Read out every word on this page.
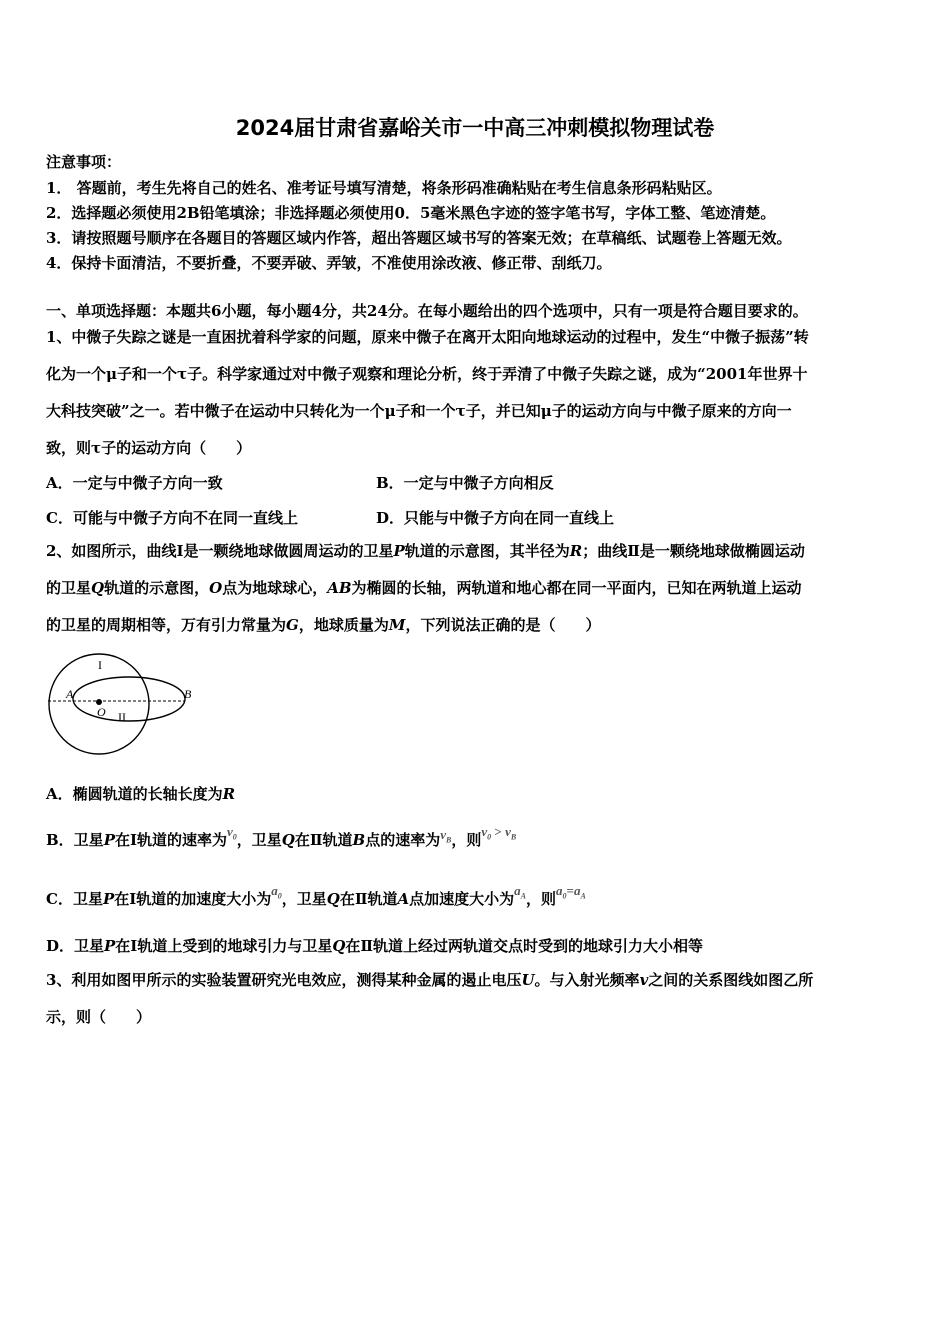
2024届甘肃省嘉峪关市一中高三冲刺模拟物理试卷
注意事项：
1． 答题前，考生先将自己的姓名、准考证号填写清楚，将条形码准确粘贴在考生信息条形码粘贴区。
2．选择题必须使用2B铅笔填涂；非选择题必须使用0．5毫米黑色字迹的签字笔书写，字体工整、笔迹清楚。
3．请按照题号顺序在各题目的答题区域内作答，超出答题区域书写的答案无效；在草稿纸、试题卷上答题无效。
4．保持卡面清洁，不要折叠，不要弄破、弄皱，不准使用涂改液、修正带、刮纸刀。
一、单项选择题：本题共6小题，每小题4分，共24分。在每小题给出的四个选项中，只有一项是符合题目要求的。
1、中微子失踪之谜是一直困扰着科学家的问题，原来中微子在离开太阳向地球运动的过程中，发生“中微子振荡”转
化为一个μ子和一个τ子。科学家通过对中微子观察和理论分析，终于弄清了中微子失踪之谜，成为“2001年世界十
大科技突破”之一。若中微子在运动中只转化为一个μ子和一个τ子，并已知μ子的运动方向与中微子原来的方向一
致，则τ子的运动方向（　　）
A．一定与中微子方向一致	B．一定与中微子方向相反
C．可能与中微子方向不在同一直线上	D．只能与中微子方向在同一直线上
2、如图所示，曲线Ⅰ是一颗绕地球做圆周运动的卫星P轨道的示意图，其半径为R；曲线Ⅱ是一颗绕地球做椭圆运动
的卫星Q轨道的示意图，O点为地球球心，AB为椭圆的长轴，两轨道和地心都在同一平面内，已知在两轨道上运动
的卫星的周期相等，万有引力常量为G，地球质量为M，下列说法正确的是（　　）
I
II
A	B
O
A．椭圆轨道的长轴长度为R
B．卫星P在Ⅰ轨道的速率为$v_0$，卫星Q在Ⅱ轨道B点的速率为$v_B$，则$v_0 > v_B$
C．卫星P在Ⅰ轨道的加速度大小为$a_0$，卫星Q在Ⅱ轨道A点加速度大小为$a_A$，则$a_0=a_A$
D．卫星P在Ⅰ轨道上受到的地球引力与卫星Q在Ⅱ轨道上经过两轨道交点时受到的地球引力大小相等
3、利用如图甲所示的实验装置研究光电效应，测得某种金属的遏止电压U。与入射光频率v之间的关系图线如图乙所
示，则（　　）
